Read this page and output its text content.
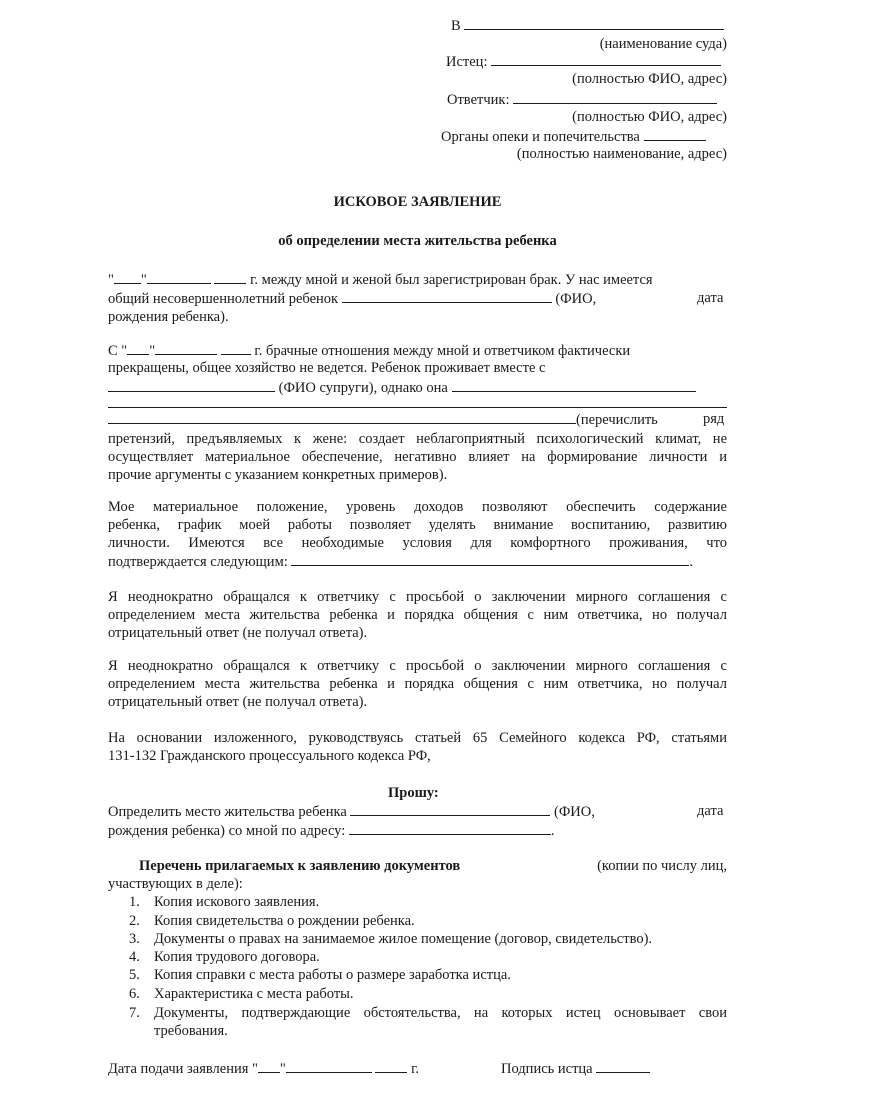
В
(наименование суда)
Истец:
(полностью ФИО, адрес)
Ответчик:
(полностью ФИО, адрес)
Органы опеки и попечительства
(полностью наименование, адрес)
ИСКОВОЕ ЗАЯВЛЕНИЕ
об определении места жительства ребенка
" "	г. между мной и женой был зарегистрирован брак. У нас имеется
общий несовершеннолетний ребенок	(ФИО,	дата
рождения ребенка).
С " "	г. брачные отношения между мной и ответчиком фактически
прекращены, общее хозяйство не ведется. Ребенок проживает вместе с
(ФИО супруги), однако она
(перечислить	ряд
претензий, предъявляемых к жене: создает неблагоприятный психологический климат, не
осуществляет материальное обеспечение, негативно влияет на формирование личности и
прочие аргументы с указанием конкретных примеров).
Мое материальное положение, уровень доходов позволяют обеспечить содержание
ребенка, график моей работы позволяет уделять внимание воспитанию, развитию
личности. Имеются все необходимые условия для комфортного проживания, что
подтверждается следующим:	.
Я неоднократно обращался к ответчику с просьбой о заключении мирного соглашения с
определением места жительства ребенка и порядка общения с ним ответчика, но получал
отрицательный ответ (не получал ответа).
Я неоднократно обращался к ответчику с просьбой о заключении мирного соглашения с
определением места жительства ребенка и порядка общения с ним ответчика, но получал
отрицательный ответ (не получал ответа).
На основании изложенного, руководствуясь статьей 65 Семейного кодекса РФ, статьями
131-132 Гражданского процессуального кодекса РФ,
Прошу:
Определить место жительства ребенка	(ФИО,	дата
рождения ребенка) со мной по адресу:	.
Перечень прилагаемых к заявлению документов	(копии по числу лиц,
участвующих в деле):
1. Копия искового заявления.
2. Копия свидетельства о рождении ребенка.
3. Документы о правах на занимаемое жилое помещение (договор, свидетельство).
4. Копия трудового договора.
5. Копия справки с места работы о размере заработка истца.
6. Характеристика с места работы.
7. Документы, подтверждающие обстоятельства, на которых истец основывает свои
требования.
Дата подачи заявления " "	г.	Подпись истца
